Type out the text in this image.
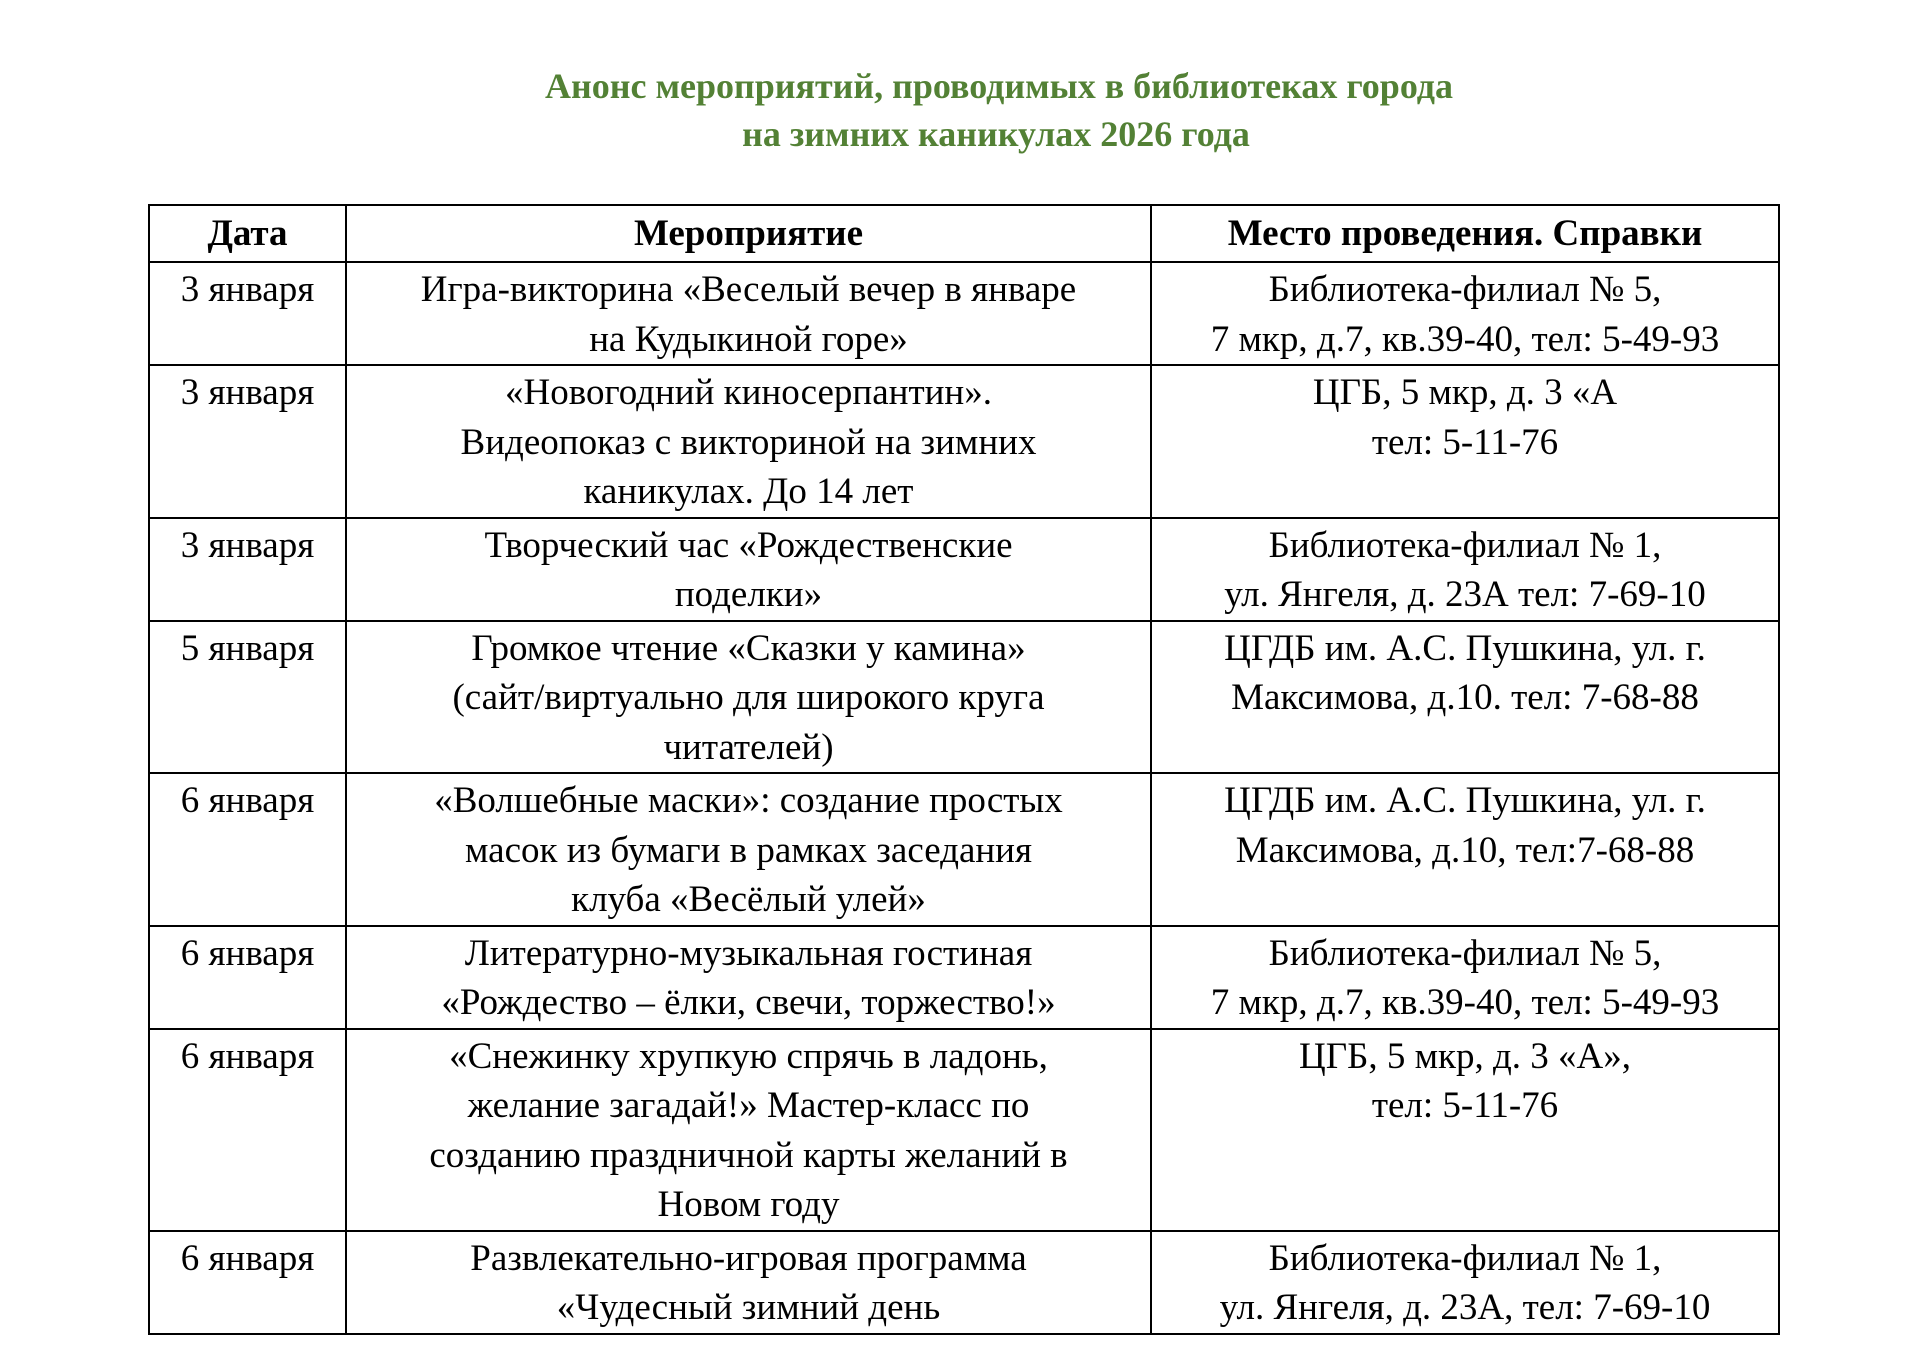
Анонс мероприятий, проводимых в библиотеках города
на зимних каникулах 2026 года
Дата	Мероприятие	Место проведения. Справки
3 января	Игра-викторина «Веселый вечер в январе
на Кудыкиной горе»	Библиотека-филиал № 5,
7 мкр, д.7, кв.39-40, тел: 5-49-93

3 января	«Новогодний киносерпантин».
Видеопоказ с викториной на зимних
каникулах. До 14 лет	ЦГБ, 5 мкр, д. 3 «А
тел: 5-11-76

3 января	Творческий час «Рождественские
поделки»	Библиотека-филиал № 1,
ул. Янгеля, д. 23А тел: 7-69-10

5 января	Громкое чтение «Сказки у камина»
(сайт/виртуально для широкого круга
читателей)	ЦГДБ им. А.С. Пушкина, ул. г.
Максимова, д.10. тел: 7-68-88

6 января	«Волшебные маски»: создание простых
масок из бумаги в рамках заседания
клуба «Весёлый улей»	ЦГДБ им. А.С. Пушкина, ул. г.
Максимова, д.10, тел:7-68-88

6 января	Литературно-музыкальная гостиная
«Рождество – ёлки, свечи, торжество!»	Библиотека-филиал № 5,
7 мкр, д.7, кв.39-40, тел: 5-49-93

6 января	«Снежинку хрупкую спрячь в ладонь,
желание загадай!» Мастер-класс по
созданию праздничной карты желаний в
Новом году	ЦГБ, 5 мкр, д. 3 «А»,
тел: 5-11-76

6 января	Развлекательно-игровая программа
«Чудесный зимний день	Библиотека-филиал № 1,
ул. Янгеля, д. 23А, тел: 7-69-10
